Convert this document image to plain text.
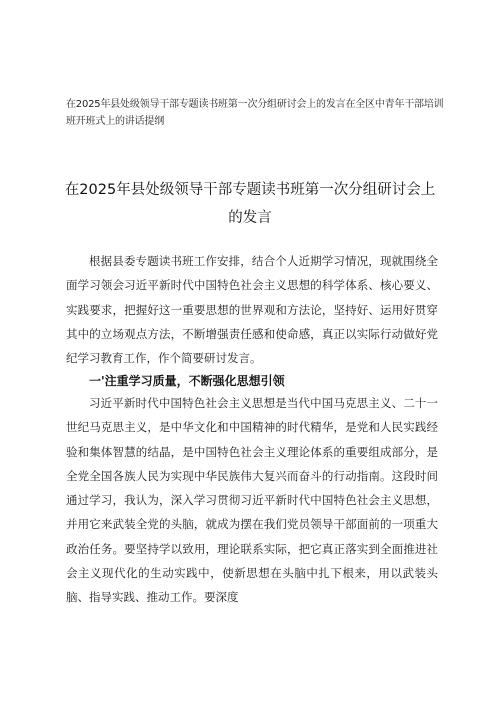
在2025年县处级领导干部专题读书班第一次分组研讨会上的发言在全区中青年干部培训班开班式上的讲话提纲
在2025年县处级领导干部专题读书班第一次分组研讨会上的发言

根据县委专题读书班工作安排，结合个人近期学习情况，现就围绕全面学习领会习近平新时代中国特色社会主义思想的科学体系、核心要义、实践要求，把握好这一重要思想的世界观和方法论，坚持好、运用好贯穿其中的立场观点方法，不断增强责任感和使命感，真正以实际行动做好党纪学习教育工作，作个简要研讨发言。

一'注重学习质量，不断强化思想引领

习近平新时代中国特色社会主义思想是当代中国马克思主义、二十一世纪马克思主义，是中华文化和中国精神的时代精华，是党和人民实践经验和集体智慧的结晶，是中国特色社会主义理论体系的重要组成部分，是全党全国各族人民为实现中华民族伟大复兴而奋斗的行动指南。这段时间通过学习，我认为，深入学习贯彻习近平新时代中国特色社会主义思想，并用它来武装全党的头脑，就成为摆在我们党员领导干部面前的一项重大政治任务。要坚持学以致用，理论联系实际，把它真正落实到全面推进社会主义现代化的生动实践中，使新思想在头脑中扎下根来，用以武装头脑、指导实践、推动工作。要深度
